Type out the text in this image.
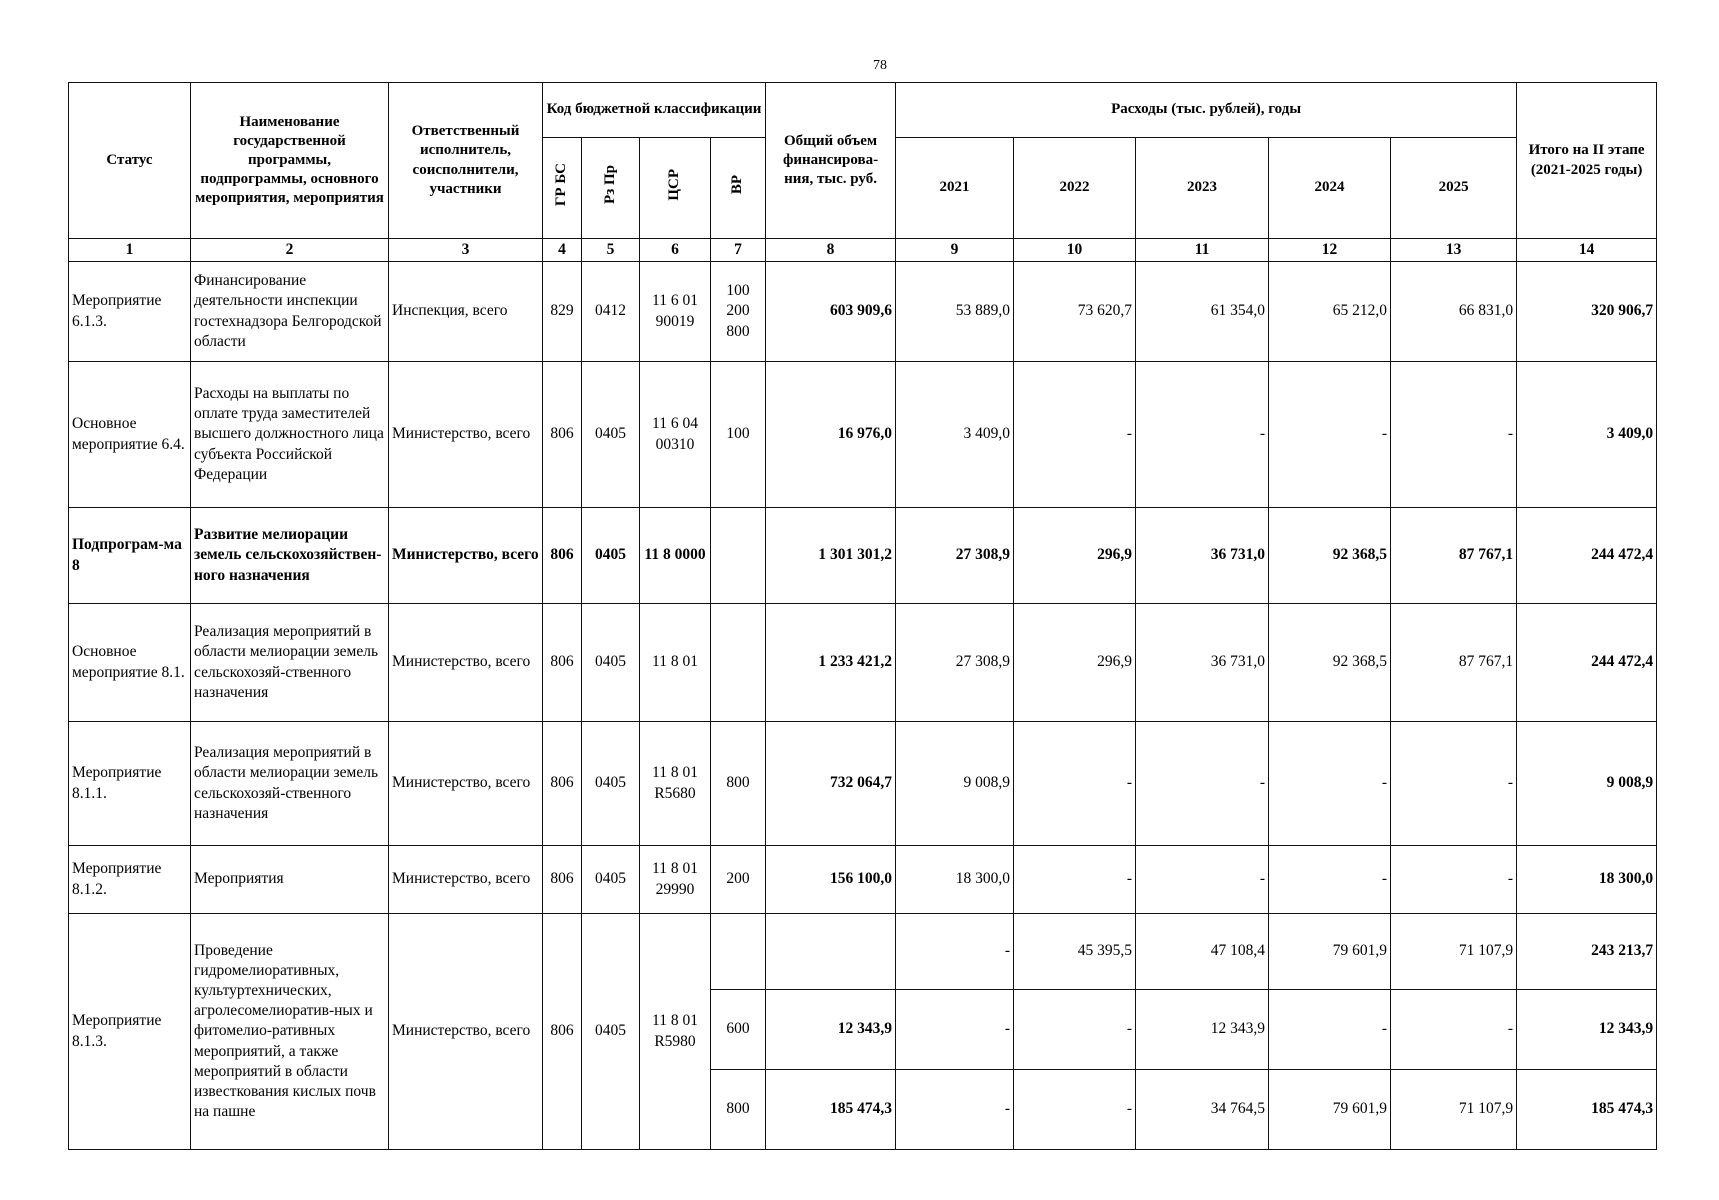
78
Статус	Наименование государственной программы, подпрограммы, основного мероприятия, мероприятия	Ответственный исполнитель, соисполнители, участники	Код бюджетной классификации				Общий объем финансирова-ния, тыс. руб.	Расходы (тыс. рублей), годы					Итого на II этапе (2021-2025 годы)
			ГР БС	Рз Пр	ЦСР	ВР		2021	2022	2023	2024	2025	
1	2	3	4	5	6	7	8	9	10	11	12	13	14
Мероприятие 6.1.3.	Финансирование деятельности инспекции гостехнадзора Белгородской области	Инспекция, всего	829	0412	11 6 01 90019	100 200 800	603 909,6	53 889,0	73 620,7	61 354,0	65 212,0	66 831,0	320 906,7
Основное мероприятие 6.4.	Расходы на выплаты по оплате труда заместителей высшего должностного лица субъекта Российской Федерации	Министерство, всего	806	0405	11 6 04 00310	100	16 976,0	3 409,0	-	-	-	-	3 409,0
Подпрограм-ма 8	Развитие мелиорации земель сельскохозяйствен-ного назначения	Министерство, всего	806	0405	11 8 0000		1 301 301,2	27 308,9	296,9	36 731,0	92 368,5	87 767,1	244 472,4
Основное мероприятие 8.1.	Реализация мероприятий в области мелиорации земель сельскохозяй-ственного назначения	Министерство, всего	806	0405	11 8 01		1 233 421,2	27 308,9	296,9	36 731,0	92 368,5	87 767,1	244 472,4
Мероприятие 8.1.1.	Реализация мероприятий в области мелиорации земель сельскохозяй-ственного назначения	Министерство, всего	806	0405	11 8 01 R5680	800	732 064,7	9 008,9	-	-	-	-	9 008,9
Мероприятие 8.1.2.	Мероприятия	Министерство, всего	806	0405	11 8 01 29990	200	156 100,0	18 300,0	-	-	-	-	18 300,0
Мероприятие 8.1.3.	Проведение гидромелиоративных, культуртехнических, агролесомелиоратив-ных и фитомелио-ративных мероприятий, а также мероприятий в области известкования кислых почв на пашне	Министерство, всего	806	0405	11 8 01 R5980			-	45 395,5	47 108,4	79 601,9	71 107,9	243 213,7
						600	12 343,9	-	-	12 343,9	-	-	12 343,9
						800	185 474,3	-	-	34 764,5	79 601,9	71 107,9	185 474,3
